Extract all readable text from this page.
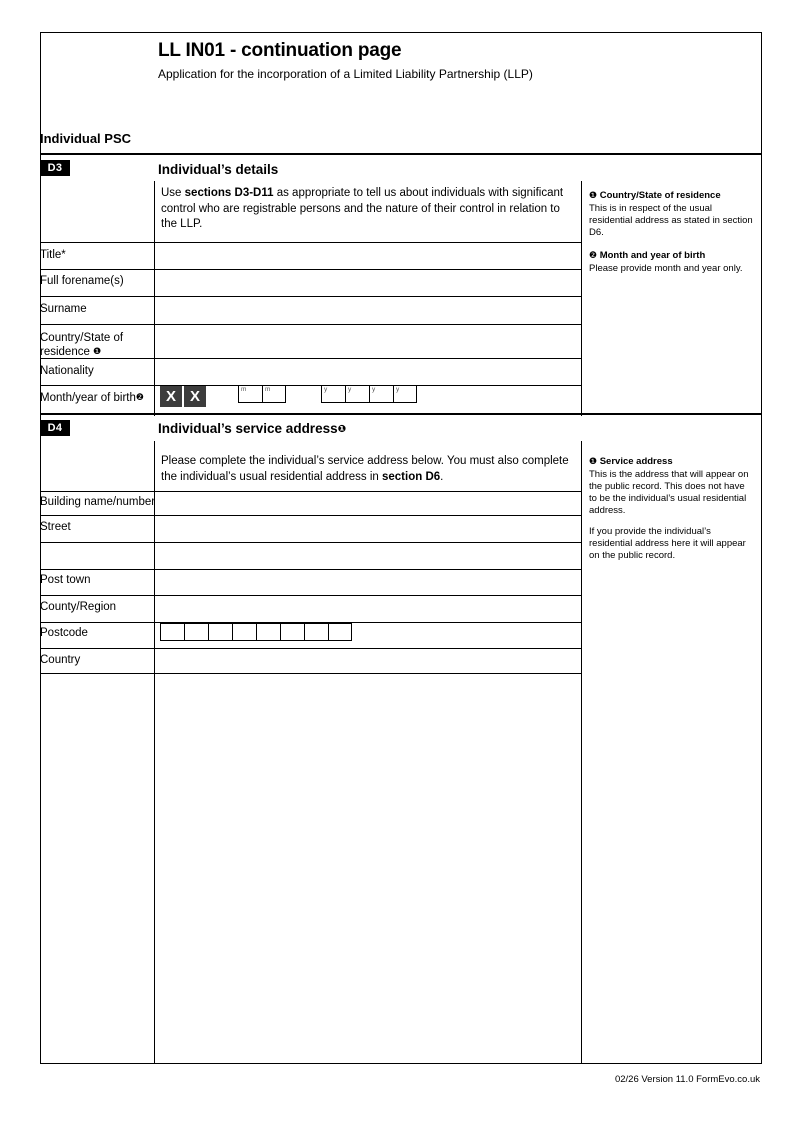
LL IN01 - continuation page
Application for the incorporation of a Limited Liability Partnership (LLP)
Individual PSC
D3	Individual’s details
Use sections D3-D11 as appropriate to tell us about individuals with significant control who are registrable persons and the nature of their control in relation to the LLP.
Title*
Full forename(s)
Surname
Country/State of residence ❶
Nationality
Month/year of birth❷	X X	m	m	y	y	y	y
❶ Country/State of residence
This is in respect of the usual residential address as stated in section D6.
❷ Month and year of birth
Please provide month and year only.
D4	Individual’s service address❶
Please complete the individual’s service address below. You must also complete the individual’s usual residential address in section D6.
Building name/number
Street
Post town
County/Region
Postcode
Country
❶ Service address
This is the address that will appear on the public record. This does not have to be the individual’s usual residential address.
If you provide the individual’s residential address here it will appear on the public record.
02/26 Version 11.0 FormEvo.co.uk
